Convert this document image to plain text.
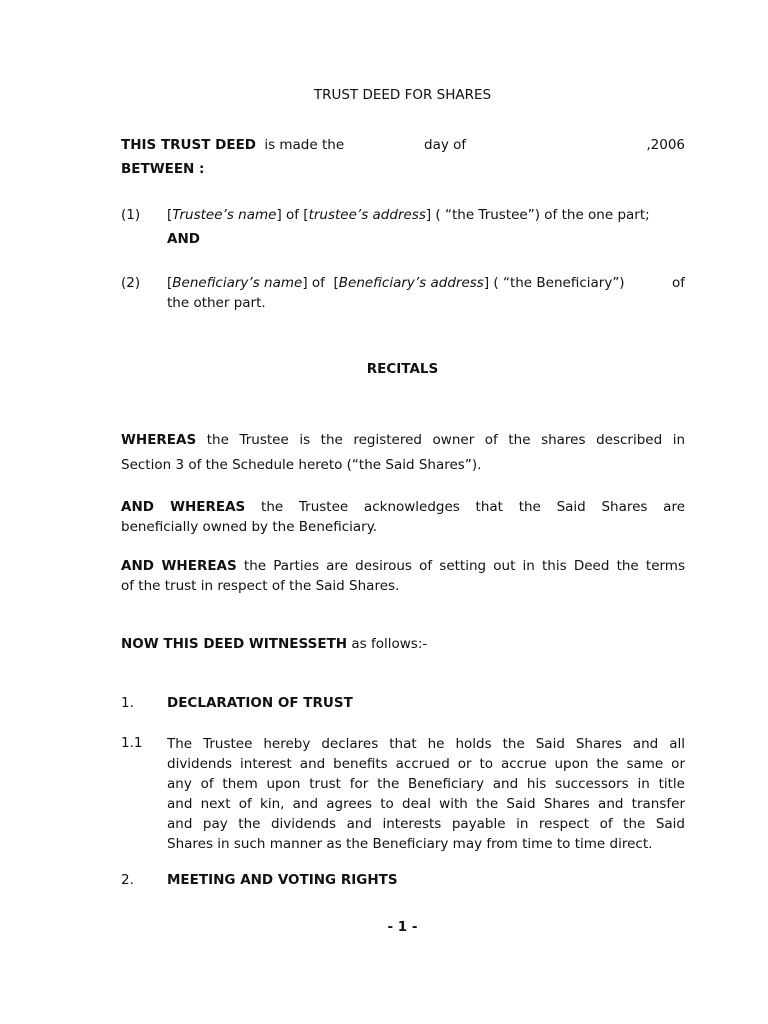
TRUST DEED FOR SHARES
THIS TRUST DEED is made the	day of	,2006
BETWEEN :
(1) [Trustee’s name] of [trustee’s address] ( “the Trustee”) of the one part;
AND
(2) [Beneficiary’s name] of  [Beneficiary’s address] ( “the Beneficiary”)	of
the other part.
RECITALS
WHEREAS the Trustee is the registered owner of the shares described in
Section 3 of the Schedule hereto (“the Said Shares”).
AND WHEREAS the Trustee acknowledges that the Said Shares are
beneficially owned by the Beneficiary.
AND WHEREAS the Parties are desirous of setting out in this Deed the terms
of the trust in respect of the Said Shares.
NOW THIS DEED WITNESSETH as follows:-
1. DECLARATION OF TRUST
1.1 The Trustee hereby declares that he holds the Said Shares and all
dividends interest and benefits accrued or to accrue upon the same or
any of them upon trust for the Beneficiary and his successors in title
and next of kin, and agrees to deal with the Said Shares and transfer
and pay the dividends and interests payable in respect of the Said
Shares in such manner as the Beneficiary may from time to time direct.
2. MEETING AND VOTING RIGHTS
- 1 -
